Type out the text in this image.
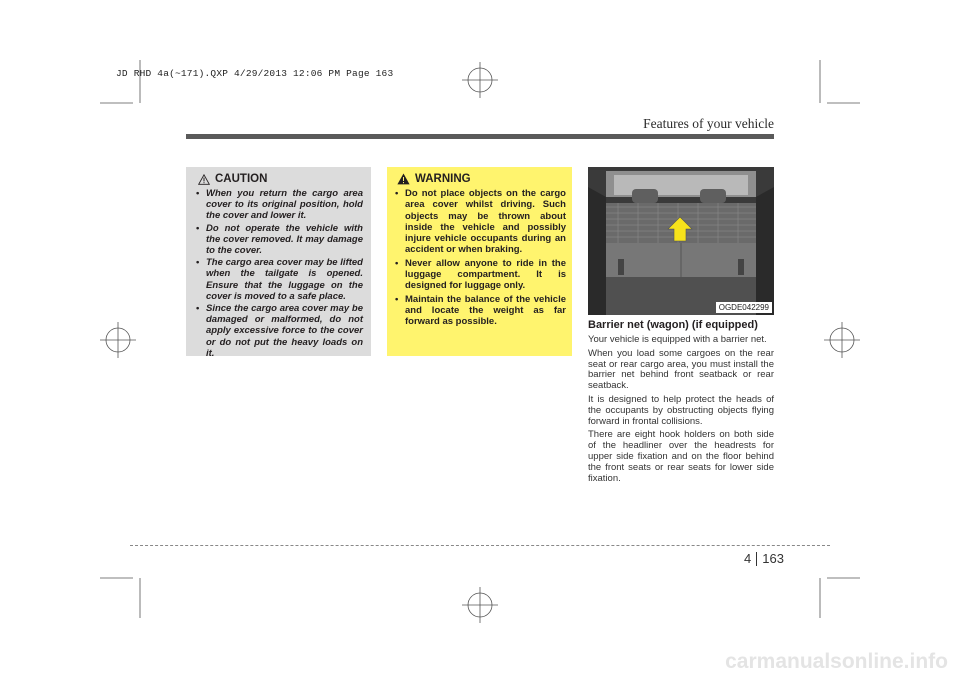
JD RHD 4a(~171).QXP 4/29/2013 12:06 PM Page 163
Features of your vehicle
CAUTION
• When you return the cargo area cover to its original position, hold the cover and lower it.
• Do not operate the vehicle with the cover removed. It may damage to the cover.
• The cargo area cover may be lifted when the tailgate is opened. Ensure that the luggage on the cover is moved to a safe place.
• Since the cargo area cover may be damaged or malformed, do not apply excessive force to the cover or do not put the heavy loads on it.
WARNING
• Do not place objects on the cargo area cover whilst driving. Such objects may be thrown about inside the vehicle and possibly injure vehicle occupants during an accident or when braking.
• Never allow anyone to ride in the luggage compartment. It is designed for luggage only.
• Maintain the balance of the vehicle and locate the weight as far forward as possible.
OGDE042299
Barrier net (wagon) (if equipped)

Your vehicle is equipped with a barrier net.

When you load some cargoes on the rear seat or rear cargo area, you must install the barrier net behind front seatback or rear seatback.

It is designed to help protect the heads of the occupants by obstructing objects flying forward in frontal collisions.

There are eight hook holders on both side of the headliner over the headrests for upper side fixation and on the floor behind the front seats or rear seats for lower side fixation.

4 163
carmanualsonline.info
